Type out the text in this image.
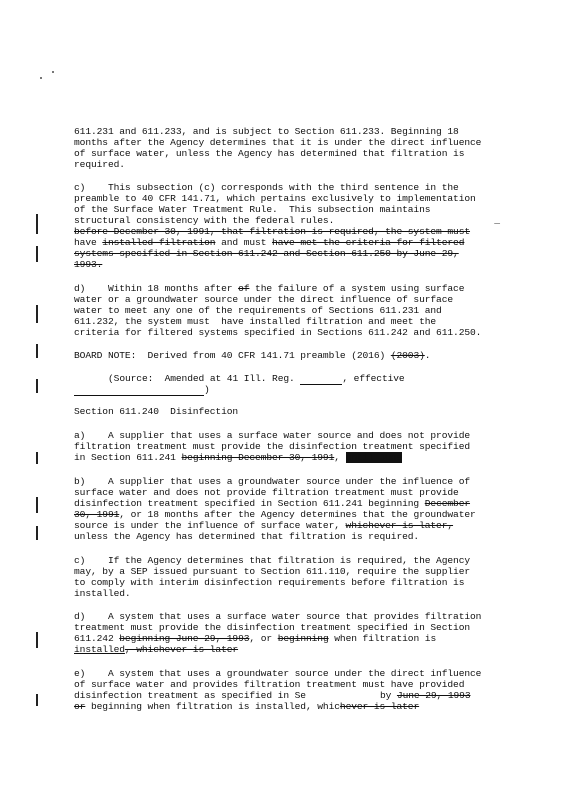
611.231 and 611.233, and is subject to Section 611.233. Beginning 18
months after the Agency determines that it is under the direct influence
of surface water, unless the Agency has determined that filtration is
required.
c)    This subsection (c) corresponds with the third sentence in the
preamble to 40 CFR 141.71, which pertains exclusively to implementation
of the Surface Water Treatment Rule.  This subsection maintains
structural consistency with the federal rules.	_
before December 30, 1991, that filtration is required, the system must
have installed filtration and must have met the criteria for filtered
systems specified in Section 611.242 and Section 611.250 by June 29,
1993.
d)    Within 18 months after of the failure of a system using surface
water or a groundwater source under the direct influence of surface
water to meet any one of the requirements of Sections 611.231 and
611.232, the system must  have installed filtration and meet the
criteria for filtered systems specified in Sections 611.242 and 611.250.
BOARD NOTE:  Derived from 40 CFR 141.71 preamble (2016) (2003).
(Source:  Amended at 41 Ill. Reg.	, effective
)
Section 611.240  Disinfection
a)    A supplier that uses a surface water source and does not provide
filtration treatment must provide the disinfection treatment specified
in Section 611.241 beginning December 30, 1991, until June
b)    A supplier that uses a groundwater source under the influence of
surface water and does not provide filtration treatment must provide
disinfection treatment specified in Section 611.241 beginning December
30, 1991, or 18 months after the Agency determines that the groundwater
source is under the influence of surface water, whichever is later,
unless the Agency has determined that filtration is required.
c)    If the Agency determines that filtration is required, the Agency
may, by a SEP issued pursuant to Section 611.110, require the supplier
to comply with interim disinfection requirements before filtration is
installed.
d)    A system that uses a surface water source that provides filtration
treatment must provide the disinfection treatment specified in Section
611.242 beginning June 29, 1993, or beginning when filtration is
installed, whichever is later
e)    A system that uses a groundwater source under the direct influence
of surface water and provides filtration treatment must have provided
disinfection treatment as specified in Se	by June 29, 1993
or beginning when filtration is installed, whichever is later
